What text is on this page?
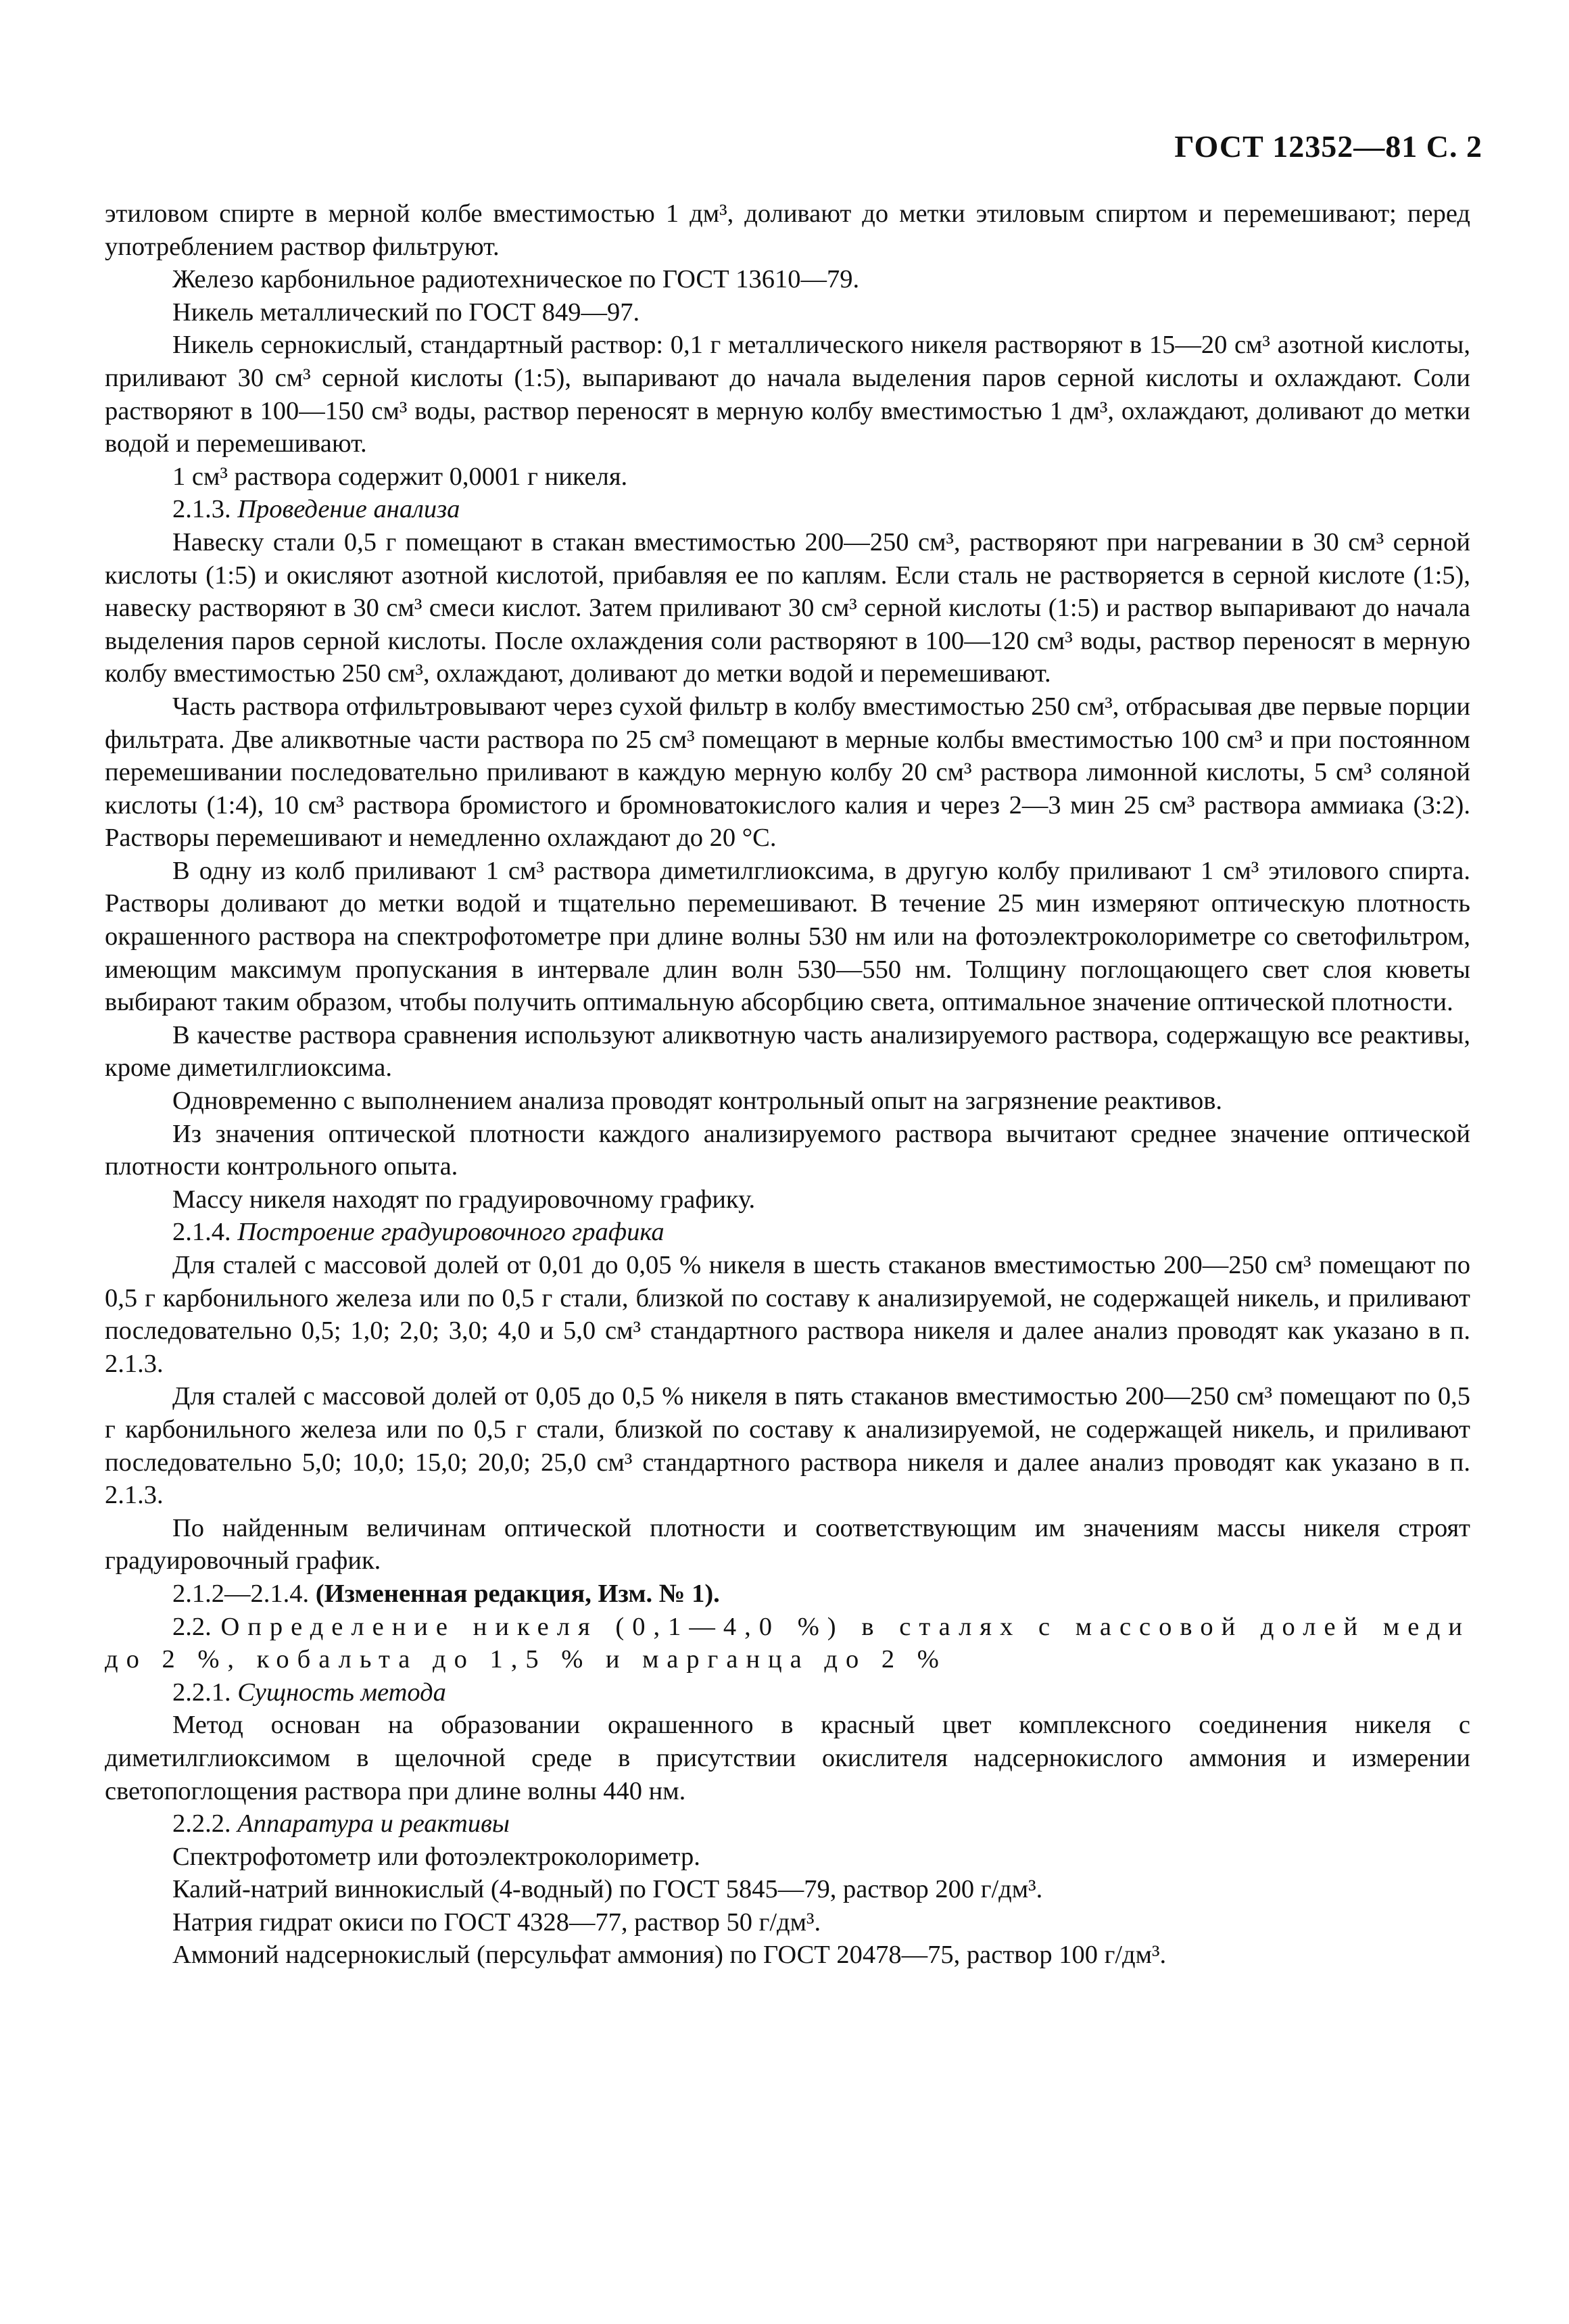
ГОСТ 12352—81 С. 2

этиловом спирте в мерной колбе вместимостью 1 дм³, доливают до метки этиловым спиртом и перемешивают; перед употреблением раствор фильтруют.

Железо карбонильное радиотехническое по ГОСТ 13610—79.

Никель металлический по ГОСТ 849—97.

Никель сернокислый, стандартный раствор: 0,1 г металлического никеля растворяют в 15—20 см³ азотной кислоты, приливают 30 см³ серной кислоты (1:5), выпаривают до начала выделения паров серной кислоты и охлаждают. Соли растворяют в 100—150 см³ воды, раствор переносят в мерную колбу вместимостью 1 дм³, охлаждают, доливают до метки водой и перемешивают.

1 см³ раствора содержит 0,0001 г никеля.

2.1.3. Проведение анализа

Навеску стали 0,5 г помещают в стакан вместимостью 200—250 см³, растворяют при нагревании в 30 см³ серной кислоты (1:5) и окисляют азотной кислотой, прибавляя ее по каплям. Если сталь не растворяется в серной кислоте (1:5), навеску растворяют в 30 см³ смеси кислот. Затем приливают 30 см³ серной кислоты (1:5) и раствор выпаривают до начала выделения паров серной кислоты. После охлаждения соли растворяют в 100—120 см³ воды, раствор переносят в мерную колбу вместимостью 250 см³, охлаждают, доливают до метки водой и перемешивают.

Часть раствора отфильтровывают через сухой фильтр в колбу вместимостью 250 см³, отбрасывая две первые порции фильтрата. Две аликвотные части раствора по 25 см³ помещают в мерные колбы вместимостью 100 см³ и при постоянном перемешивании последовательно приливают в каждую мерную колбу 20 см³ раствора лимонной кислоты, 5 см³ соляной кислоты (1:4), 10 см³ раствора бромистого и бромноватокислого калия и через 2—3 мин 25 см³ раствора аммиака (3:2). Растворы перемешивают и немедленно охлаждают до 20 °С.

В одну из колб приливают 1 см³ раствора диметилглиоксима, в другую колбу приливают 1 см³ этилового спирта. Растворы доливают до метки водой и тщательно перемешивают. В течение 25 мин измеряют оптическую плотность окрашенного раствора на спектрофотометре при длине волны 530 нм или на фотоэлектроколориметре со светофильтром, имеющим максимум пропускания в интервале длин волн 530—550 нм. Толщину поглощающего свет слоя кюветы выбирают таким образом, чтобы получить оптимальную абсорбцию света, оптимальное значение оптической плотности.

В качестве раствора сравнения используют аликвотную часть анализируемого раствора, содержащую все реактивы, кроме диметилглиоксима.

Одновременно с выполнением анализа проводят контрольный опыт на загрязнение реактивов.

Из значения оптической плотности каждого анализируемого раствора вычитают среднее значение оптической плотности контрольного опыта.

Массу никеля находят по градуировочному графику.

2.1.4. Построение градуировочного графика

Для сталей с массовой долей от 0,01 до 0,05 % никеля в шесть стаканов вместимостью 200—250 см³ помещают по 0,5 г карбонильного железа или по 0,5 г стали, близкой по составу к анализируемой, не содержащей никель, и приливают последовательно 0,5; 1,0; 2,0; 3,0; 4,0 и 5,0 см³ стандартного раствора никеля и далее анализ проводят как указано в п. 2.1.3.

Для сталей с массовой долей от 0,05 до 0,5 % никеля в пять стаканов вместимостью 200—250 см³ помещают по 0,5 г карбонильного железа или по 0,5 г стали, близкой по составу к анализируемой, не содержащей никель, и приливают последовательно 5,0; 10,0; 15,0; 20,0; 25,0 см³ стандартного раствора никеля и далее анализ проводят как указано в п. 2.1.3.

По найденным величинам оптической плотности и соответствующим им значениям массы никеля строят градуировочный график.

2.1.2—2.1.4. (Измененная редакция, Изм. № 1).

2.2. Определение никеля (0,1—4,0 %) в сталях с массовой долей меди до 2 %, кобальта до 1,5 % и марганца до 2 %

2.2.1. Сущность метода

Метод основан на образовании окрашенного в красный цвет комплексного соединения никеля с диметилглиоксимом в щелочной среде в присутствии окислителя надсернокислого аммония и измерении светопоглощения раствора при длине волны 440 нм.

2.2.2. Аппаратура и реактивы

Спектрофотометр или фотоэлектроколориметр.

Калий-натрий виннокислый (4-водный) по ГОСТ 5845—79, раствор 200 г/дм³.

Натрия гидрат окиси по ГОСТ 4328—77, раствор 50 г/дм³.

Аммоний надсернокислый (персульфат аммония) по ГОСТ 20478—75, раствор 100 г/дм³.
